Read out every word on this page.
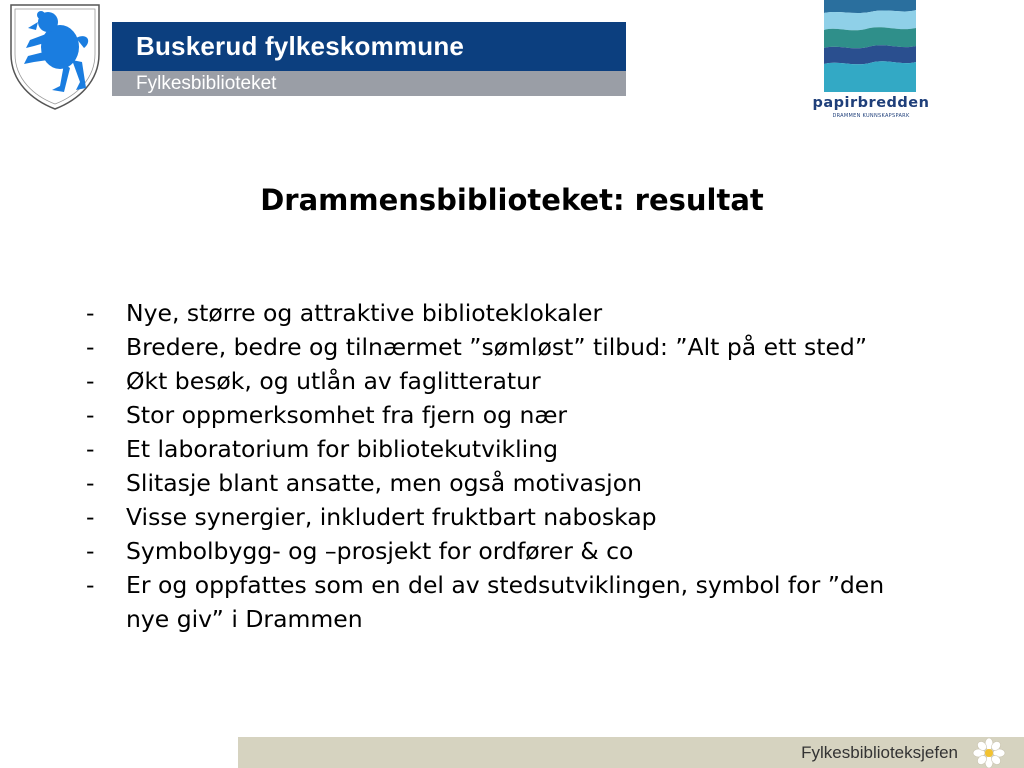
Buskerud fylkeskommune
Fylkesbiblioteket
papirbredden
DRAMMEN KUNNSKAPSPARK
Drammensbiblioteket: resultat
- Nye, større og attraktive biblioteklokaler
- Bredere, bedre og tilnærmet ”sømløst” tilbud: ”Alt på ett sted”
- Økt besøk, og utlån av faglitteratur
- Stor oppmerksomhet fra fjern og nær
- Et laboratorium for bibliotekutvikling
- Slitasje blant ansatte, men også motivasjon
- Visse synergier, inkludert fruktbart naboskap
- Symbolbygg- og –prosjekt for ordfører & co
- Er og oppfattes som en del av stedsutviklingen, symbol for ”den nye giv” i Drammen
Fylkesbiblioteksjefen
